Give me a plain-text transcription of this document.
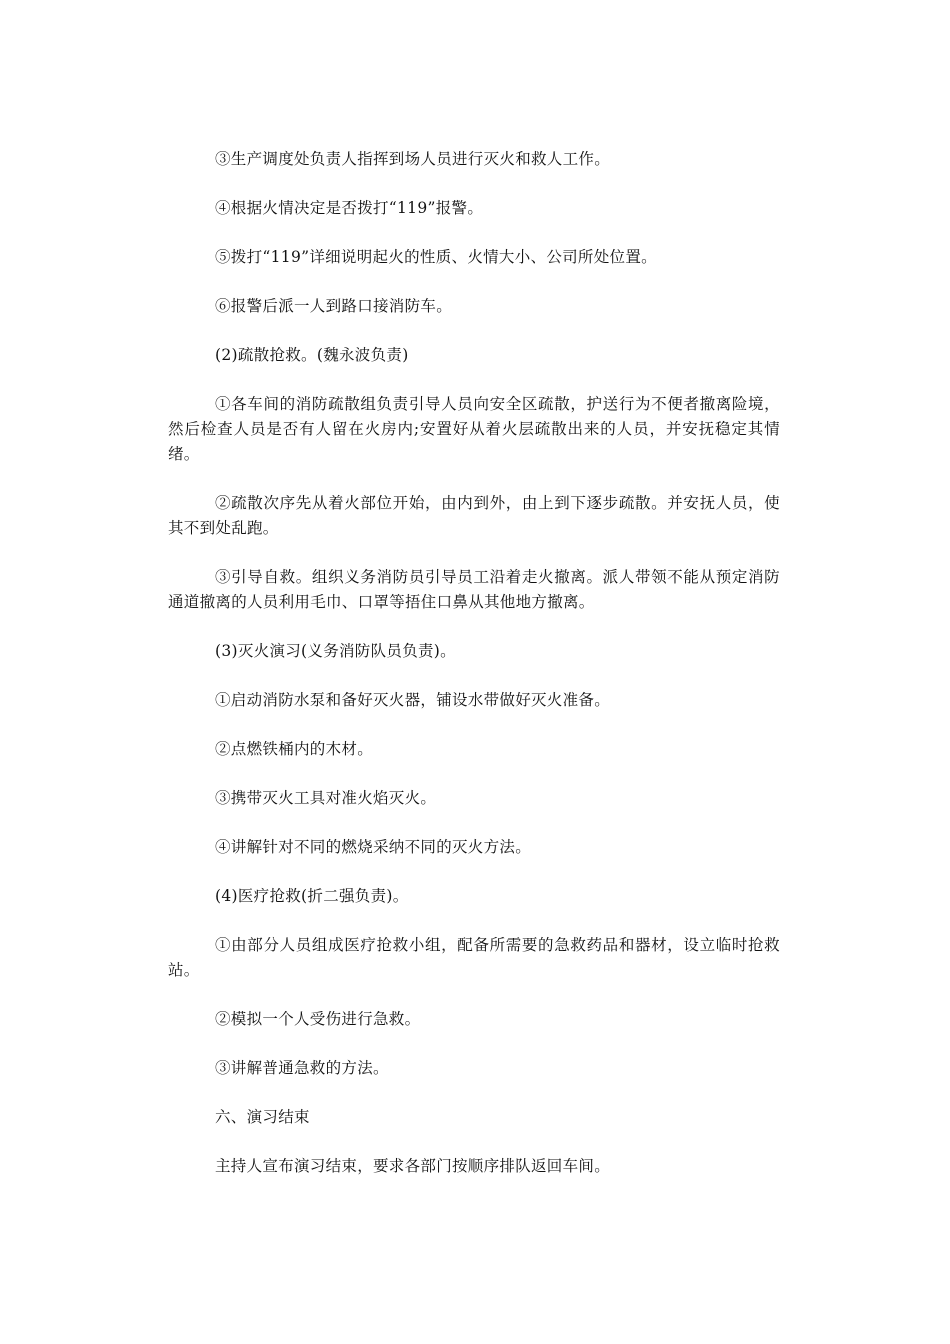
③生产调度处负责人指挥到场人员进行灭火和救人工作。

④根据火情决定是否拨打“119”报警。

⑤拨打“119”详细说明起火的性质、火情大小、公司所处位置。

⑥报警后派一人到路口接消防车。

(2)疏散抢救。(魏永波负责)

①各车间的消防疏散组负责引导人员向安全区疏散，护送行为不便者撤离险境，然后检查人员是否有人留在火房内;安置好从着火层疏散出来的人员，并安抚稳定其情绪。

②疏散次序先从着火部位开始，由内到外，由上到下逐步疏散。并安抚人员，使其不到处乱跑。

③引导自救。组织义务消防员引导员工沿着走火撤离。派人带领不能从预定消防通道撤离的人员利用毛巾、口罩等捂住口鼻从其他地方撤离。

(3)灭火演习(义务消防队员负责)。

①启动消防水泵和备好灭火器，铺设水带做好灭火准备。

②点燃铁桶内的木材。

③携带灭火工具对准火焰灭火。

④讲解针对不同的燃烧采纳不同的灭火方法。

(4)医疗抢救(折二强负责)。

①由部分人员组成医疗抢救小组，配备所需要的急救药品和器材，设立临时抢救站。

②模拟一个人受伤进行急救。

③讲解普通急救的方法。

六、演习结束

主持人宣布演习结束，要求各部门按顺序排队返回车间。
